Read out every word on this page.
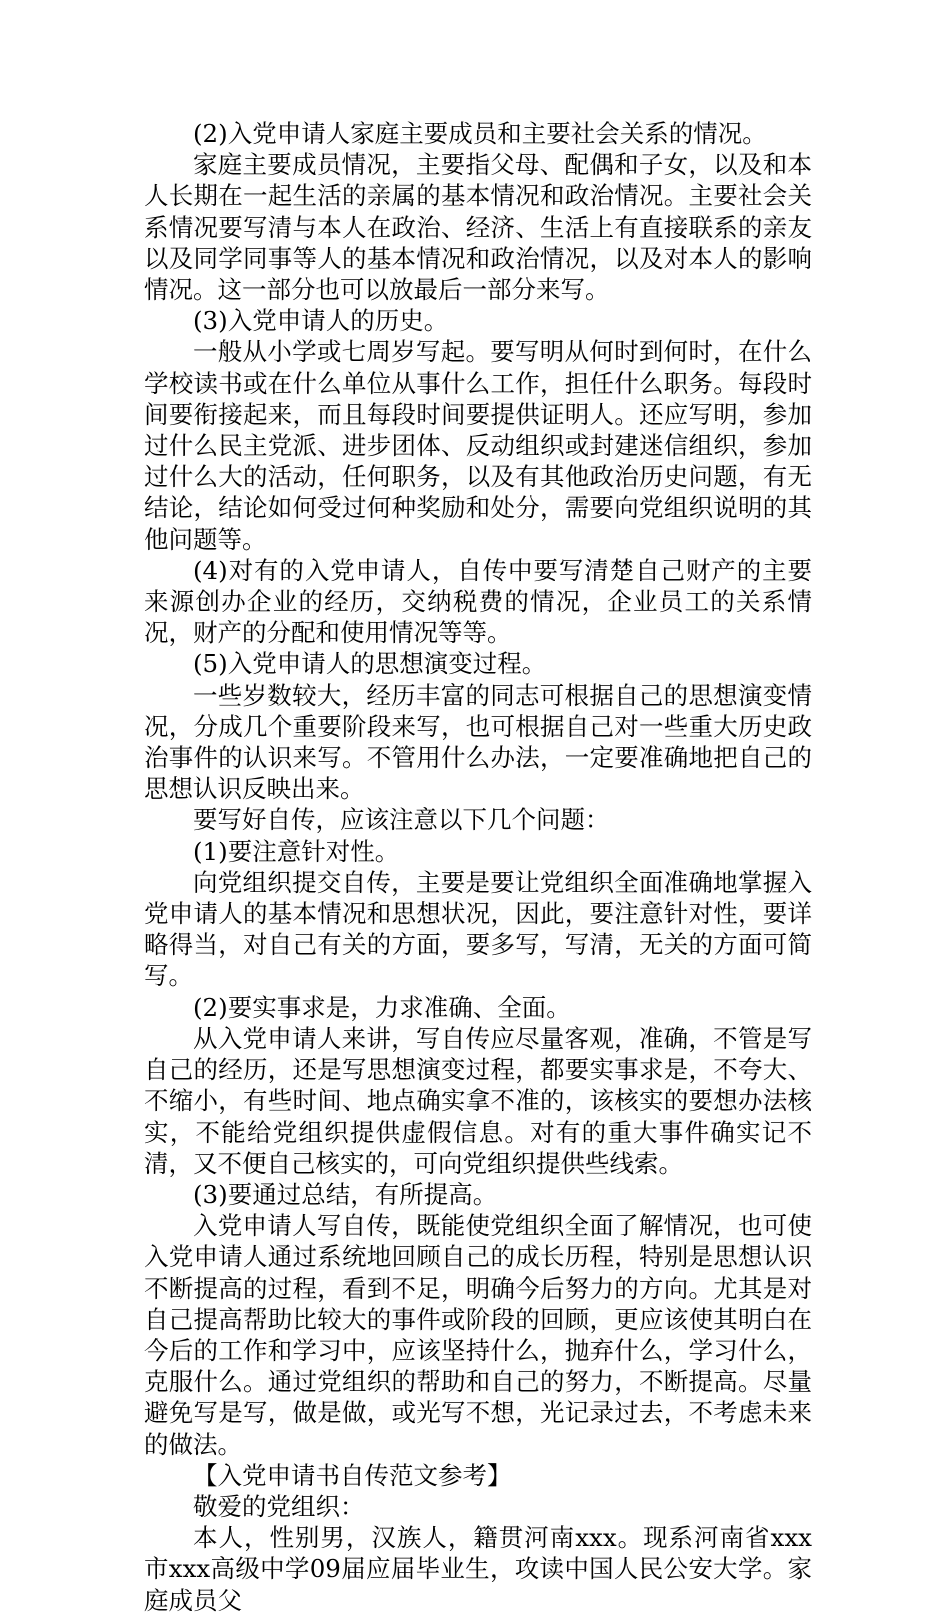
(2)入党申请人家庭主要成员和主要社会关系的情况。

家庭主要成员情况，主要指父母、配偶和子女，以及和本人长期在一起生活的亲属的基本情况和政治情况。主要社会关系情况要写清与本人在政治、经济、生活上有直接联系的亲友以及同学同事等人的基本情况和政治情况，以及对本人的影响情况。这一部分也可以放最后一部分来写。

(3)入党申请人的历史。

一般从小学或七周岁写起。要写明从何时到何时，在什么学校读书或在什么单位从事什么工作，担任什么职务。每段时间要衔接起来，而且每段时间要提供证明人。还应写明，参加过什么民主党派、进步团体、反动组织或封建迷信组织，参加过什么大的活动，任何职务，以及有其他政治历史问题，有无结论，结论如何受过何种奖励和处分，需要向党组织说明的其他问题等。

(4)对有的入党申请人，自传中要写清楚自己财产的主要来源创办企业的经历，交纳税费的情况，企业员工的关系情况，财产的分配和使用情况等等。

(5)入党申请人的思想演变过程。

一些岁数较大，经历丰富的同志可根据自己的思想演变情况，分成几个重要阶段来写，也可根据自己对一些重大历史政治事件的认识来写。不管用什么办法，一定要准确地把自己的思想认识反映出来。

要写好自传，应该注意以下几个问题：

(1)要注意针对性。

向党组织提交自传，主要是要让党组织全面准确地掌握入党申请人的基本情况和思想状况，因此，要注意针对性，要详略得当，对自己有关的方面，要多写，写清，无关的方面可简写。

(2)要实事求是，力求准确、全面。

从入党申请人来讲，写自传应尽量客观，准确，不管是写自己的经历，还是写思想演变过程，都要实事求是，不夸大、不缩小，有些时间、地点确实拿不准的，该核实的要想办法核实，不能给党组织提供虚假信息。对有的重大事件确实记不清，又不便自己核实的，可向党组织提供些线索。

(3)要通过总结，有所提高。

入党申请人写自传，既能使党组织全面了解情况，也可使入党申请人通过系统地回顾自己的成长历程，特别是思想认识不断提高的过程，看到不足，明确今后努力的方向。尤其是对自己提高帮助比较大的事件或阶段的回顾，更应该使其明白在今后的工作和学习中，应该坚持什么，抛弃什么，学习什么，克服什么。通过党组织的帮助和自己的努力，不断提高。尽量避免写是写，做是做，或光写不想，光记录过去，不考虑未来的做法。

【入党申请书自传范文参考】

敬爱的党组织：

本人，性别男，汉族人，籍贯河南xxx。现系河南省xxx市xxx高级中学09届应届毕业生，攻读中国人民公安大学。家庭成员父
